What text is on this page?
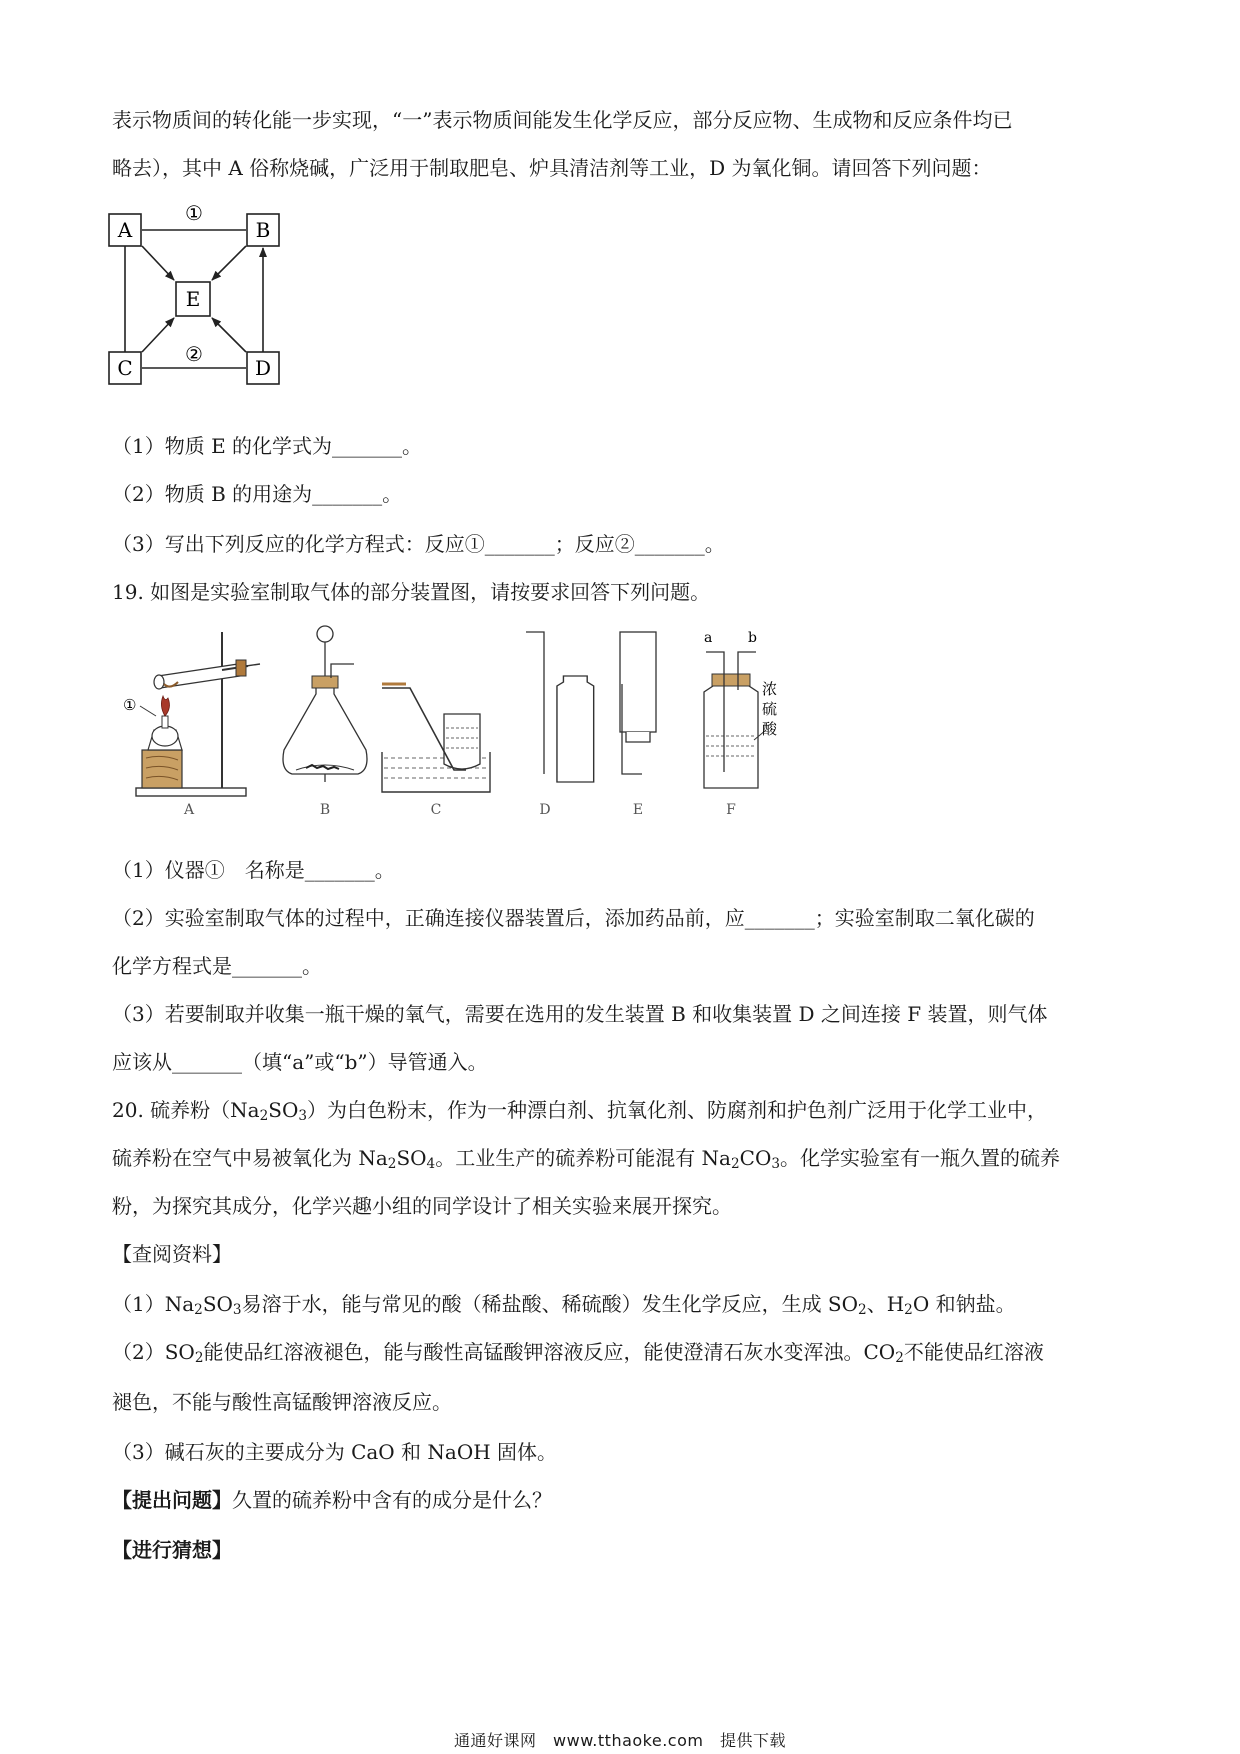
表示物质间的转化能一步实现，“一”表示物质间能发生化学反应，部分反应物、生成物和反应条件均已
略去），其中 A 俗称烧碱，广泛用于制取肥皂、炉具清洁剂等工业，D 为氧化铜。请回答下列问题：
A	B
E
C	D
①
②
（1）物质 E 的化学式为_______。
（2）物质 B 的用途为_______。
（3）写出下列反应的化学方程式：反应①_______；反应②_______。
19. 如图是实验室制取气体的部分装置图，请按要求回答下列问题。
①
a	b
浓
硫
酸
A	B	C	D	E	F
（1）仪器①　名称是_______。
（2）实验室制取气体的过程中，正确连接仪器装置后，添加药品前，应_______；实验室制取二氧化碳的
化学方程式是_______。
（3）若要制取并收集一瓶干燥的氧气，需要在选用的发生装置 B 和收集装置 D 之间连接 F 装置，则气体
应该从_______（填“a”或“b”）导管通入。
20. 硫养粉$(Na_2SO_3)$为白色粉末，作为一种漂白剂、抗氧化剂、防腐剂和护色剂广泛用于化学工业中，
硫养粉在空气中易被氧化为 $Na_2SO_4$。工业生产的硫养粉可能混有 $Na_2CO_3$。化学实验室有一瓶久置的硫养
粉，为探究其成分，化学兴趣小组的同学设计了相关实验来展开探究。
【查阅资料】
$(1)Na_2SO_3$易溶于水，能与常见的酸（稀盐酸、稀硫酸）发生化学反应，生成 $SO_2$、$H_2O$ 和钠盐。
$(2)SO_2$能使品红溶液褪色，能与酸性高锰酸钾溶液反应，能使澄清石灰水变浑浊。$CO_2$不能使品红溶液
褪色，不能与酸性高锰酸钾溶液反应。
（3）碱石灰的主要成分为 CaO 和 NaOH 固体。
【提出问题】久置的硫养粉中含有的成分是什么？
【进行猜想】
通通好课网　www.tthaoke.com　提供下载
